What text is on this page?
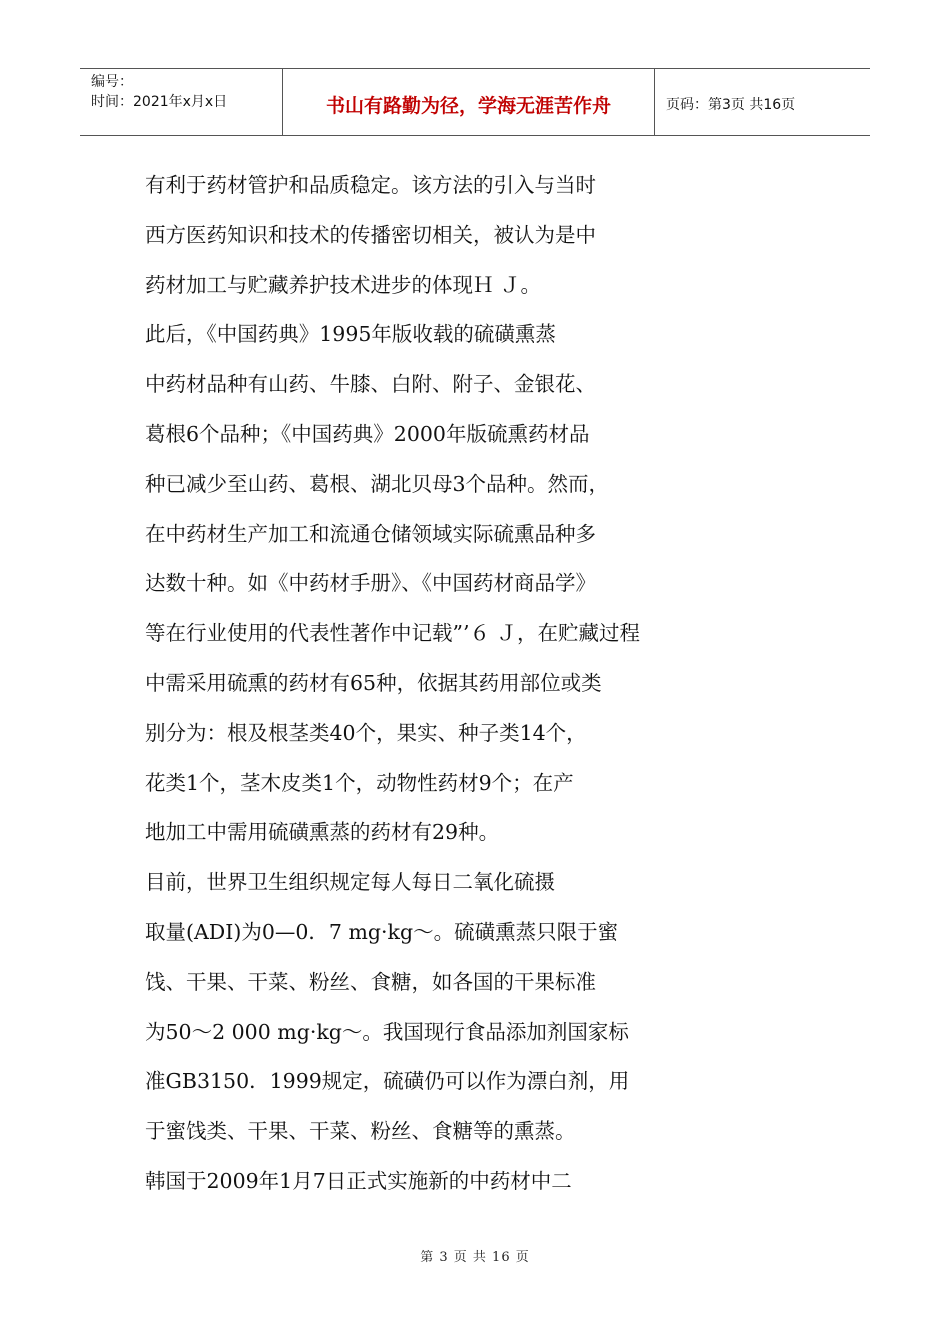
编号：
时间：2021年x月x日	书山有路勤为径，学海无涯苦作舟	页码：第3页 共16页
有利于药材管护和品质稳定。该方法的引入与当时
西方医药知识和技术的传播密切相关，被认为是中
药材加工与贮藏养护技术进步的体现Ｈ Ｊ。
此后，《中国药典》1995年版收载的硫磺熏蒸
中药材品种有山药、牛膝、白附、附子、金银花、
葛根6个品种；《中国药典》2000年版硫熏药材品
种已减少至山药、葛根、湖北贝母3个品种。然而，
在中药材生产加工和流通仓储领域实际硫熏品种多
达数十种。如《中药材手册》、《中国药材商品学》
等在行业使用的代表性著作中记载”’６ Ｊ，在贮藏过程
中需采用硫熏的药材有65种，依据其药用部位或类
别分为：根及根茎类40个，果实、种子类14个，
花类1个，茎木皮类1个，动物性药材9个；在产
地加工中需用硫磺熏蒸的药材有29种。
目前，世界卫生组织规定每人每日二氧化硫摄
取量(ADI)为0—0．7 mg·kg～。硫磺熏蒸只限于蜜
饯、干果、干菜、粉丝、食糖，如各国的干果标准
为50～2 000 mg·kg～。我国现行食品添加剂国家标
准GB3150．1999规定，硫磺仍可以作为漂白剂，用
于蜜饯类、干果、干菜、粉丝、食糖等的熏蒸。
韩国于2009年1月7日正式实施新的中药材中二
第 3 页 共 16 页
